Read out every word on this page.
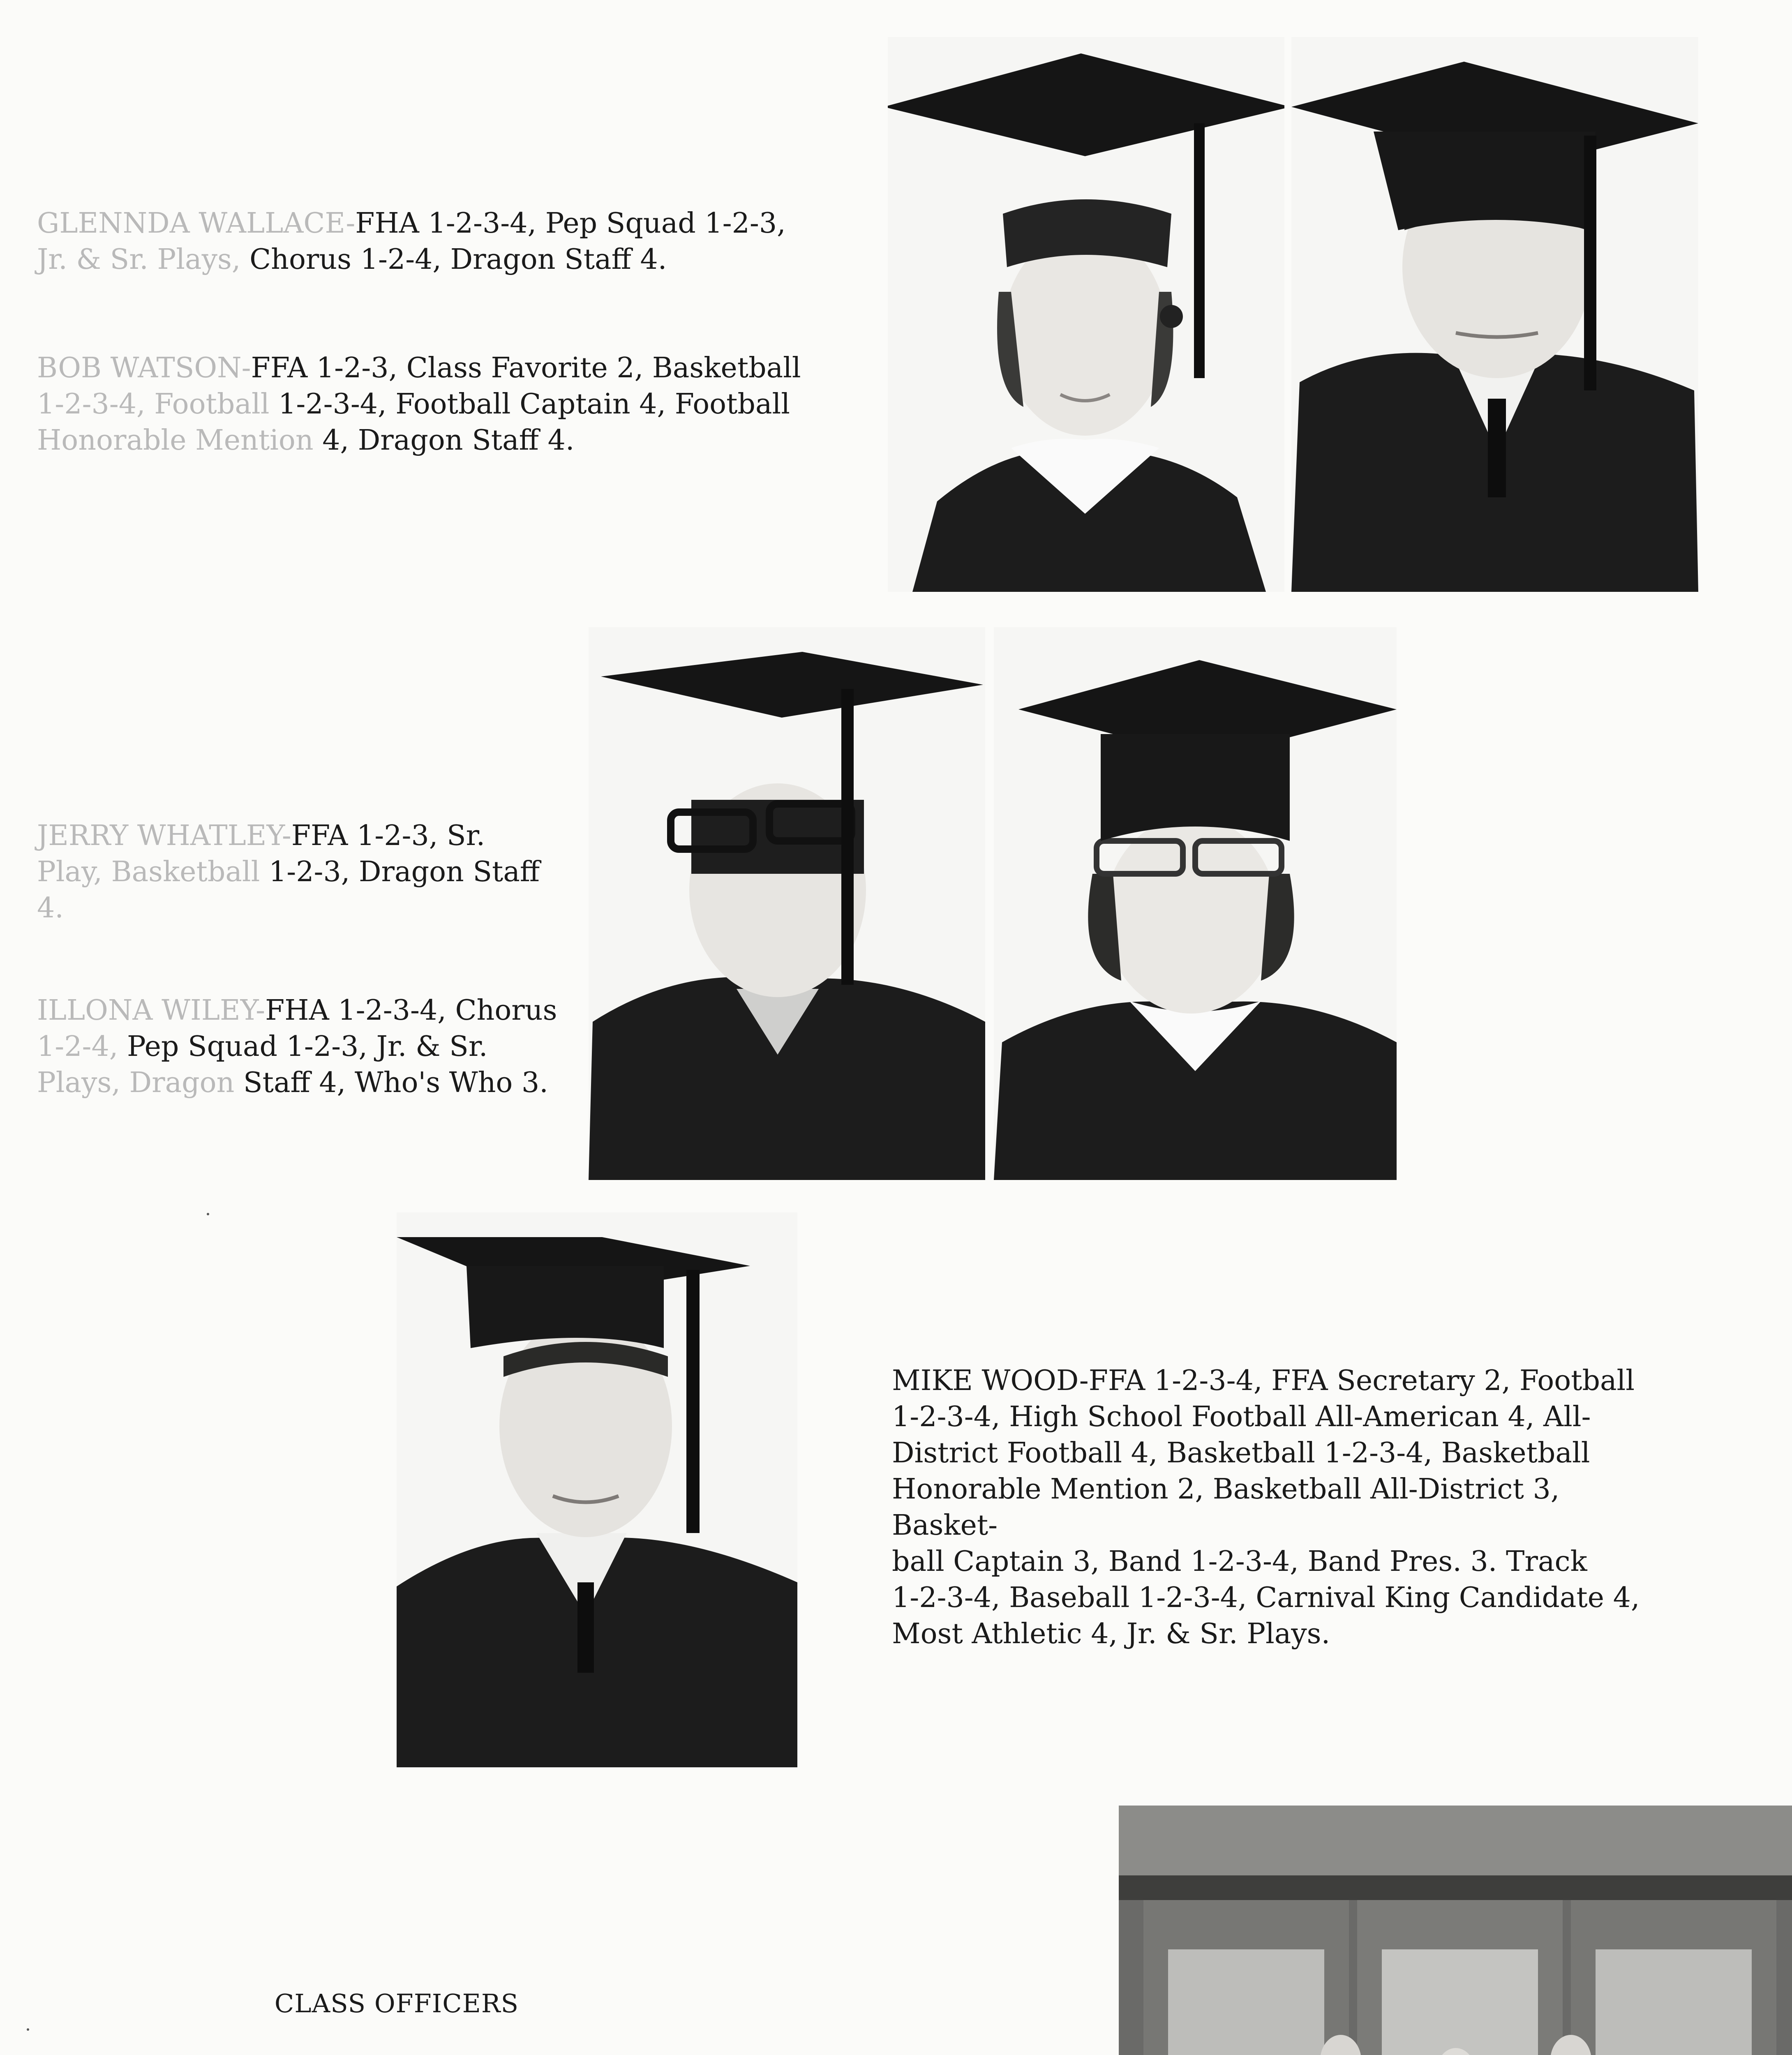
GLENNDA WALLACE-FHA 1-2-3-4, Pep Squad 1-2-3,
Jr. & Sr. Plays, Chorus 1-2-4, Dragon Staff 4.

BOB WATSON-FFA 1-2-3, Class Favorite 2, Basketball
1-2-3-4, Football 1-2-3-4, Football Captain 4, Football
Honorable Mention 4, Dragon Staff 4.

JERRY WHATLEY-FFA 1-2-3, Sr.
Play, Basketball 1-2-3, Dragon Staff
4.

ILLONA WILEY-FHA 1-2-3-4, Chorus
1-2-4, Pep Squad 1-2-3, Jr. & Sr.
Plays, Dragon Staff 4, Who's Who 3.

MIKE WOOD-FFA 1-2-3-4, FFA Secretary 2, Football
1-2-3-4, High School Football All-American 4, All-
District Football 4, Basketball 1-2-3-4, Basketball
Honorable Mention 2, Basketball All-District 3, Basket-
ball Captain 3, Band 1-2-3-4, Band Pres. 3. Track
1-2-3-4, Baseball 1-2-3-4, Carnival King Candidate 4,
Most Athletic 4, Jr. & Sr. Plays.

CLASS OFFICERS
